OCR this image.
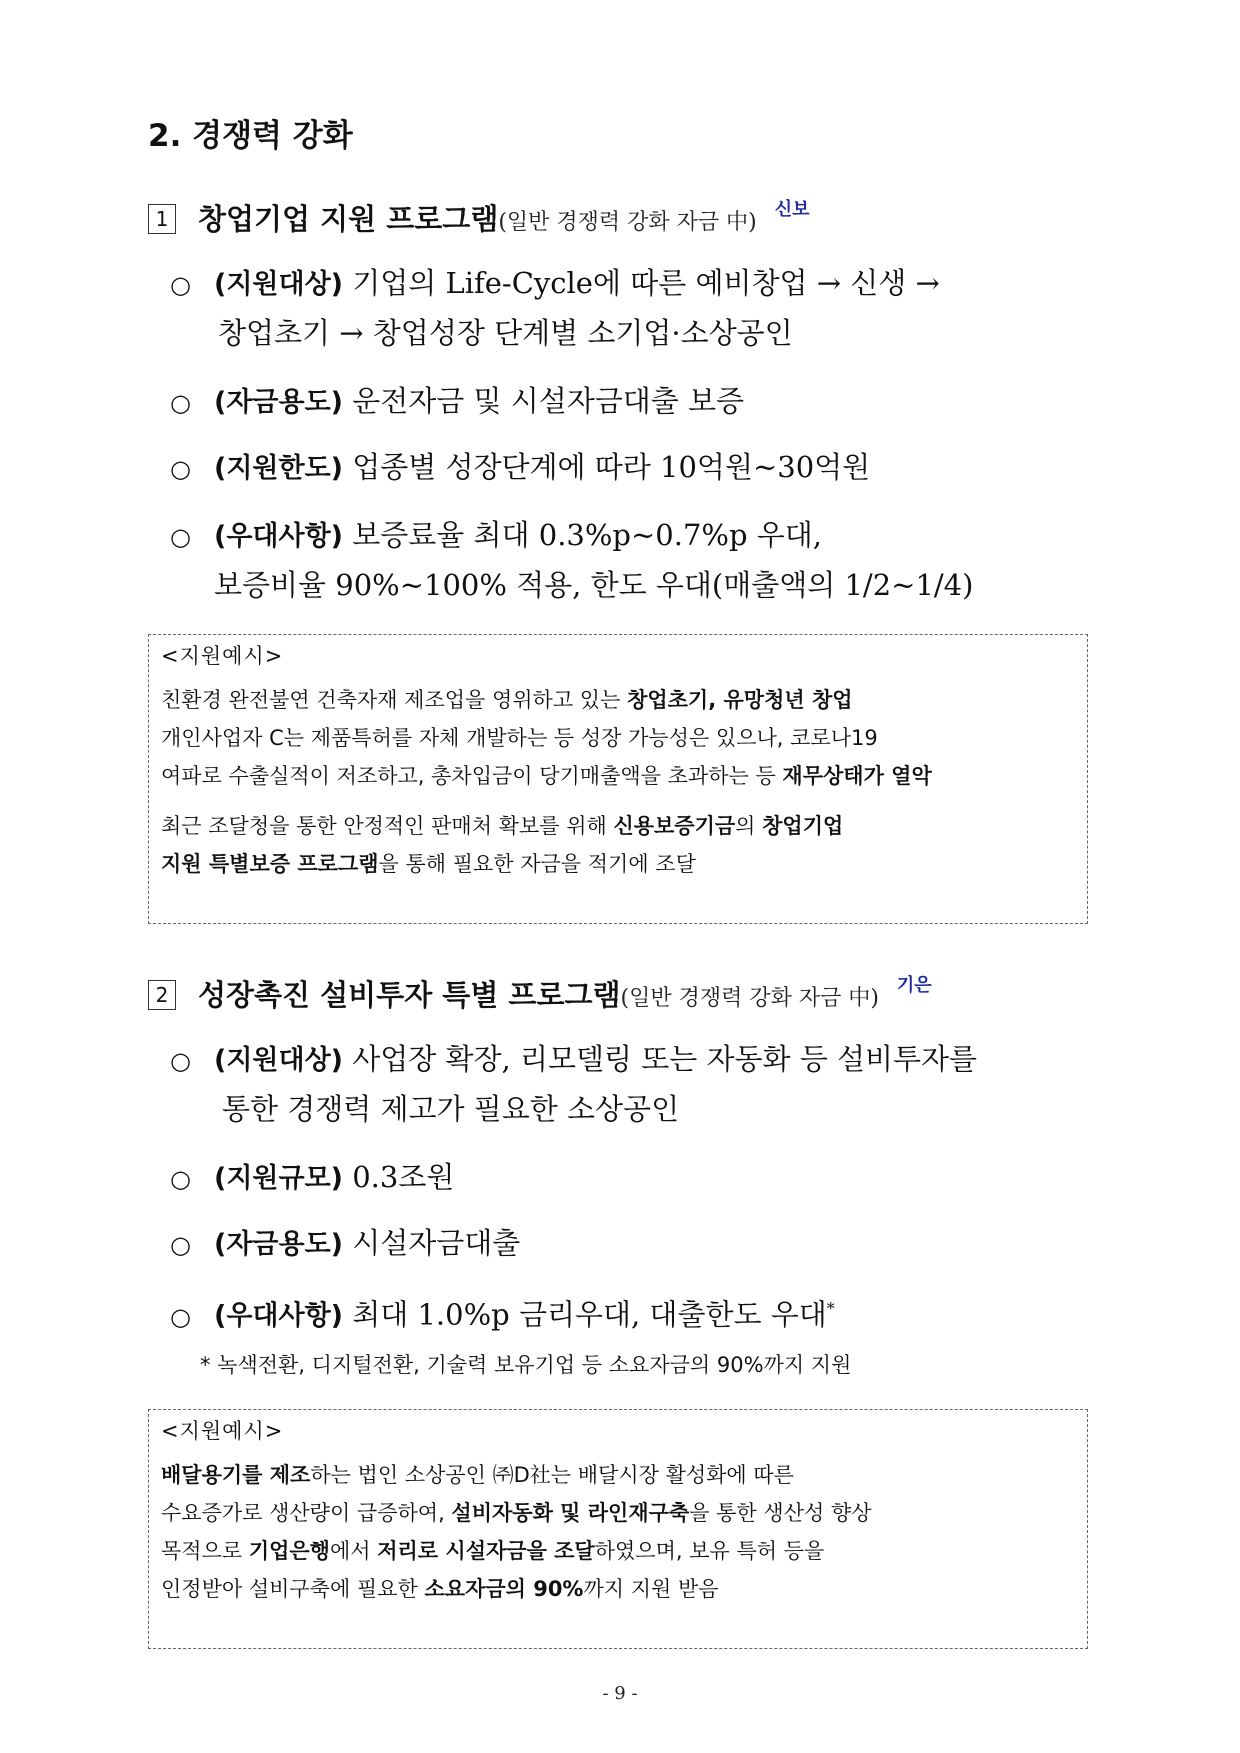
2. 경쟁력 강화
1 창업기업 지원 프로그램(일반 경쟁력 강화 자금 中)$^{신보}$
○ (지원대상) 기업의 Life-Cycle에 따른 예비창업 → 신생 →
창업초기 → 창업성장 단계별 소기업·소상공인
○ (자금용도) 운전자금 및 시설자금대출 보증
○ (지원한도) 업종별 성장단계에 따라 10억원~30억원
○ (우대사항) 보증료율 최대 0.3%p~0.7%p 우대,
보증비율 90%~100% 적용, 한도 우대(매출액의 1/2~1/4)
<지원예시>
친환경 완전불연 건축자재 제조업을 영위하고 있는 창업초기, 유망청년 창업
개인사업자 C는 제품특허를 자체 개발하는 등 성장 가능성은 있으나, 코로나19
여파로 수출실적이 저조하고, 총차입금이 당기매출액을 초과하는 등 재무상태가 열악
최근 조달청을 통한 안정적인 판매처 확보를 위해 신용보증기금의 창업기업
지원 특별보증 프로그램을 통해 필요한 자금을 적기에 조달
2 성장촉진 설비투자 특별 프로그램(일반 경쟁력 강화 자금 中)$^{기은}$
○ (지원대상) 사업장 확장, 리모델링 또는 자동화 등 설비투자를
통한 경쟁력 제고가 필요한 소상공인
○ (지원규모) 0.3조원
○ (자금용도) 시설자금대출
○ (우대사항) 최대 1.0%p 금리우대, 대출한도 우대*
* 녹색전환, 디지털전환, 기술력 보유기업 등 소요자금의 90%까지 지원
<지원예시>
배달용기를 제조하는 법인 소상공인 ㈜D社는 배달시장 활성화에 따른
수요증가로 생산량이 급증하여, 설비자동화 및 라인재구축을 통한 생산성 향상
목적으로 기업은행에서 저리로 시설자금을 조달하였으며, 보유 특허 등을
인정받아 설비구축에 필요한 소요자금의 90%까지 지원 받음
- 9 -
